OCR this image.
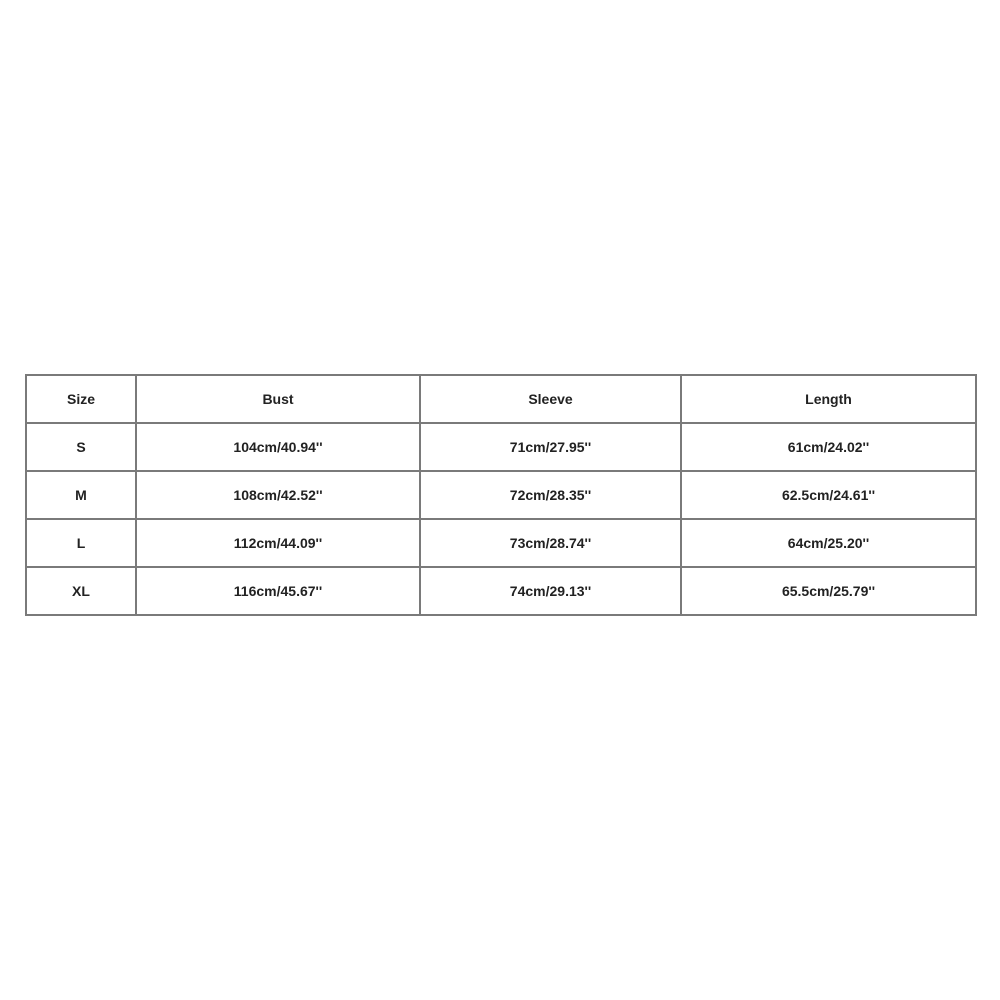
Size	Bust	Sleeve	Length
S	104cm/40.94''	71cm/27.95''	61cm/24.02''
M	108cm/42.52''	72cm/28.35''	62.5cm/24.61''
L	112cm/44.09''	73cm/28.74''	64cm/25.20''
XL	116cm/45.67''	74cm/29.13''	65.5cm/25.79''
